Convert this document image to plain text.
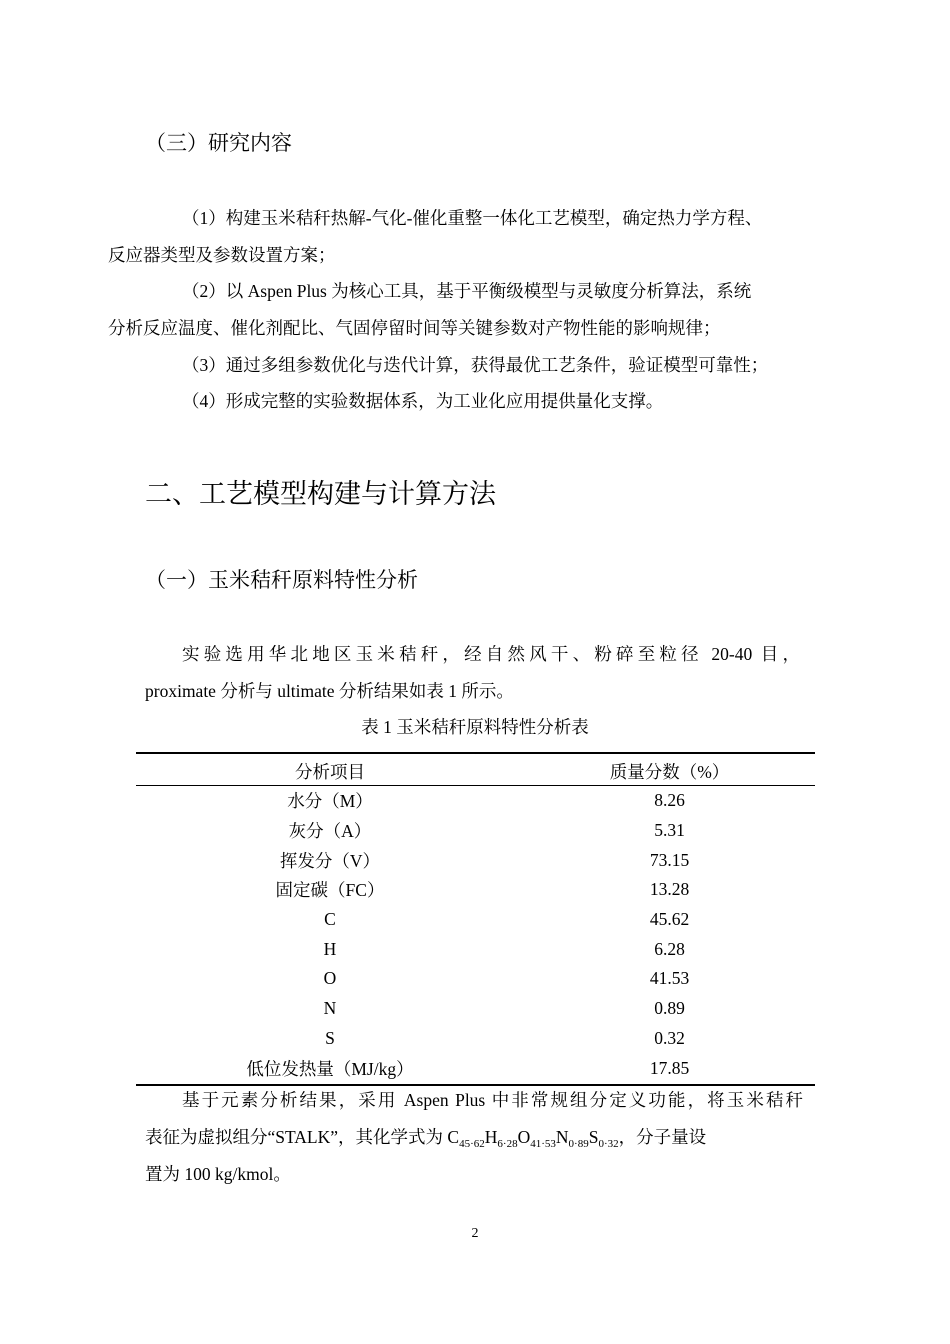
（三）研究内容

（1）构建玉米秸秆热解-气化-催化重整一体化工艺模型，确定热力学方程、
反应器类型及参数设置方案；

（2）以 Aspen Plus 为核心工具，基于平衡级模型与灵敏度分析算法，系统
分析反应温度、催化剂配比、气固停留时间等关键参数对产物性能的影响规律；

（3）通过多组参数优化与迭代计算，获得最优工艺条件，验证模型可靠性；

（4）形成完整的实验数据体系，为工业化应用提供量化支撑。

二、工艺模型构建与计算方法
（一）玉米秸秆原料特性分析
实验选用华北地区玉米秸秆，经自然风干、粉碎至粒径 20-40 目，
proximate 分析与 ultimate 分析结果如表 1 所示。
表 1 玉米秸秆原料特性分析表
分析项目	质量分数（%）
水分（M）	8.26
灰分（A）	5.31
挥发分（V）	73.15
固定碳（FC）	13.28
C	45.62
H	6.28
O	41.53
N	0.89
S	0.32
低位发热量（MJ/kg）	17.85
基于元素分析结果，采用 Aspen Plus 中非常规组分定义功能，将玉米秸秆
表征为虚拟组分“STALK”，其化学式为 $C_{45\cdot 62}H_{6\cdot 28}O_{41\cdot 53}N_{0\cdot 89}S_{0\cdot 32}$，分子量设
置为 100 kg/kmol。
2
